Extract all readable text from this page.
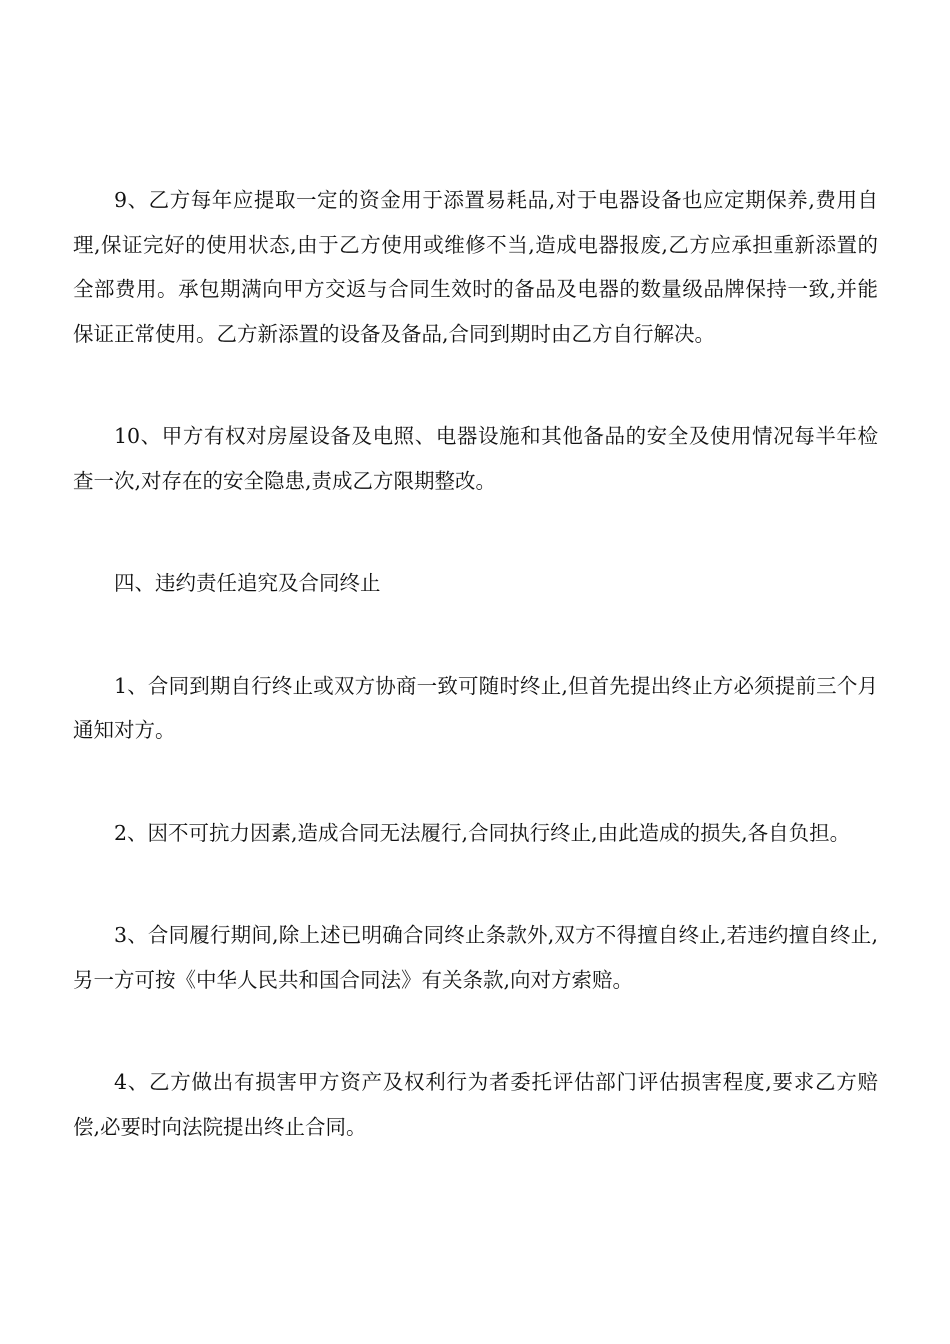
9、乙方每年应提取一定的资金用于添置易耗品,对于电器设备也应定期保养,费用自理,保证完好的使用状态,由于乙方使用或维修不当,造成电器报废,乙方应承担重新添置的全部费用。承包期满向甲方交返与合同生效时的备品及电器的数量级品牌保持一致,并能保证正常使用。乙方新添置的设备及备品,合同到期时由乙方自行解决。

10、甲方有权对房屋设备及电照、电器设施和其他备品的安全及使用情况每半年检查一次,对存在的安全隐患,责成乙方限期整改。

四、违约责任追究及合同终止

1、合同到期自行终止或双方协商一致可随时终止,但首先提出终止方必须提前三个月通知对方。

2、因不可抗力因素,造成合同无法履行,合同执行终止,由此造成的损失,各自负担。

3、合同履行期间,除上述已明确合同终止条款外,双方不得擅自终止,若违约擅自终止,另一方可按《中华人民共和国合同法》有关条款,向对方索赔。

4、乙方做出有损害甲方资产及权利行为者委托评估部门评估损害程度,要求乙方赔偿,必要时向法院提出终止合同。
